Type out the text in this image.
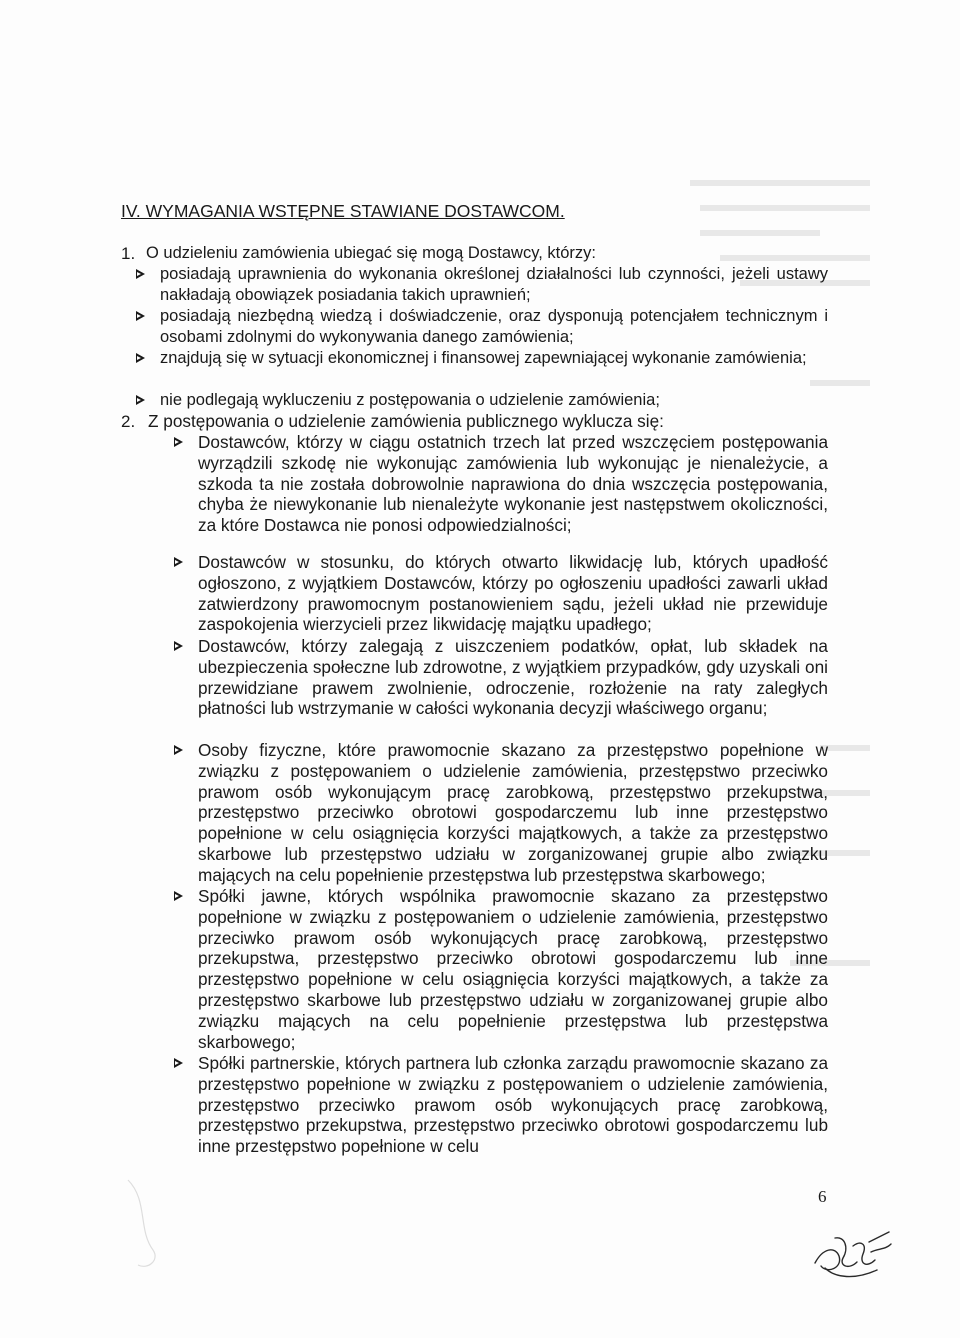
IV. WYMAGANIA WSTĘPNE STAWIANE DOSTAWCOM.
1. O udzieleniu zamówienia ubiegać się mogą Dostawcy, którzy:

posiadają uprawnienia do wykonania określonej działalności lub czynności, jeżeli ustawy nakładają obowiązek posiadania takich uprawnień;

posiadają niezbędną wiedzą i doświadczenie, oraz dysponują potencjałem technicznym i osobami zdolnymi do wykonywania danego zamówienia;

znajdują się w sytuacji ekonomicznej i finansowej zapewniającej wykonanie zamówienia;

nie podlegają wykluczeniu z postępowania o udzielenie zamówienia;

2. Z postępowania o udzielenie zamówienia publicznego wyklucza się:

Dostawców, którzy w ciągu ostatnich trzech lat przed wszczęciem postępowania wyrządzili szkodę nie wykonując zamówienia lub wykonując je nienależycie, a szkoda ta nie została dobrowolnie naprawiona do dnia wszczęcia postępowania, chyba że niewykonanie lub nienależyte wykonanie jest następstwem okoliczności, za które Dostawca nie ponosi odpowiedzialności;

Dostawców w stosunku, do których otwarto likwidację lub, których upadłość ogłoszono, z wyjątkiem Dostawców, którzy po ogłoszeniu upadłości zawarli układ zatwierdzony prawomocnym postanowieniem sądu, jeżeli układ nie przewiduje zaspokojenia wierzycieli przez likwidację majątku upadłego;

Dostawców, którzy zalegają z uiszczeniem podatków, opłat, lub składek na ubezpieczenia społeczne lub zdrowotne, z wyjątkiem przypadków, gdy uzyskali oni przewidziane prawem zwolnienie, odroczenie, rozłożenie na raty zaległych płatności lub wstrzymanie w całości wykonania decyzji właściwego organu;

Osoby fizyczne, które prawomocnie skazano za przestępstwo popełnione w związku z postępowaniem o udzielenie zamówienia, przestępstwo przeciwko prawom osób wykonującym pracę zarobkową, przestępstwo przekupstwa, przestępstwo przeciwko obrotowi gospodarczemu lub inne przestępstwo popełnione w celu osiągnięcia korzyści majątkowych, a także za przestępstwo skarbowe lub przestępstwo udziału w zorganizowanej grupie albo związku mających na celu popełnienie przestępstwa lub przestępstwa skarbowego;

Spółki jawne, których wspólnika prawomocnie skazano za przestępstwo popełnione w związku z postępowaniem o udzielenie zamówienia, przestępstwo przeciwko prawom osób wykonujących pracę zarobkową, przestępstwo przekupstwa, przestępstwo przeciwko obrotowi gospodarczemu lub inne przestępstwo popełnione w celu osiągnięcia korzyści majątkowych, a także za przestępstwo skarbowe lub przestępstwo udziału w zorganizowanej grupie albo związku mających na celu popełnienie przestępstwa lub przestępstwa skarbowego;

Spółki partnerskie, których partnera lub członka zarządu prawomocnie skazano za przestępstwo popełnione w związku z postępowaniem o udzielenie zamówienia, przestępstwo przeciwko prawom osób wykonujących pracę zarobkową, przestępstwo przekupstwa, przestępstwo przeciwko obrotowi gospodarczemu lub inne przestępstwo popełnione w celu

6
